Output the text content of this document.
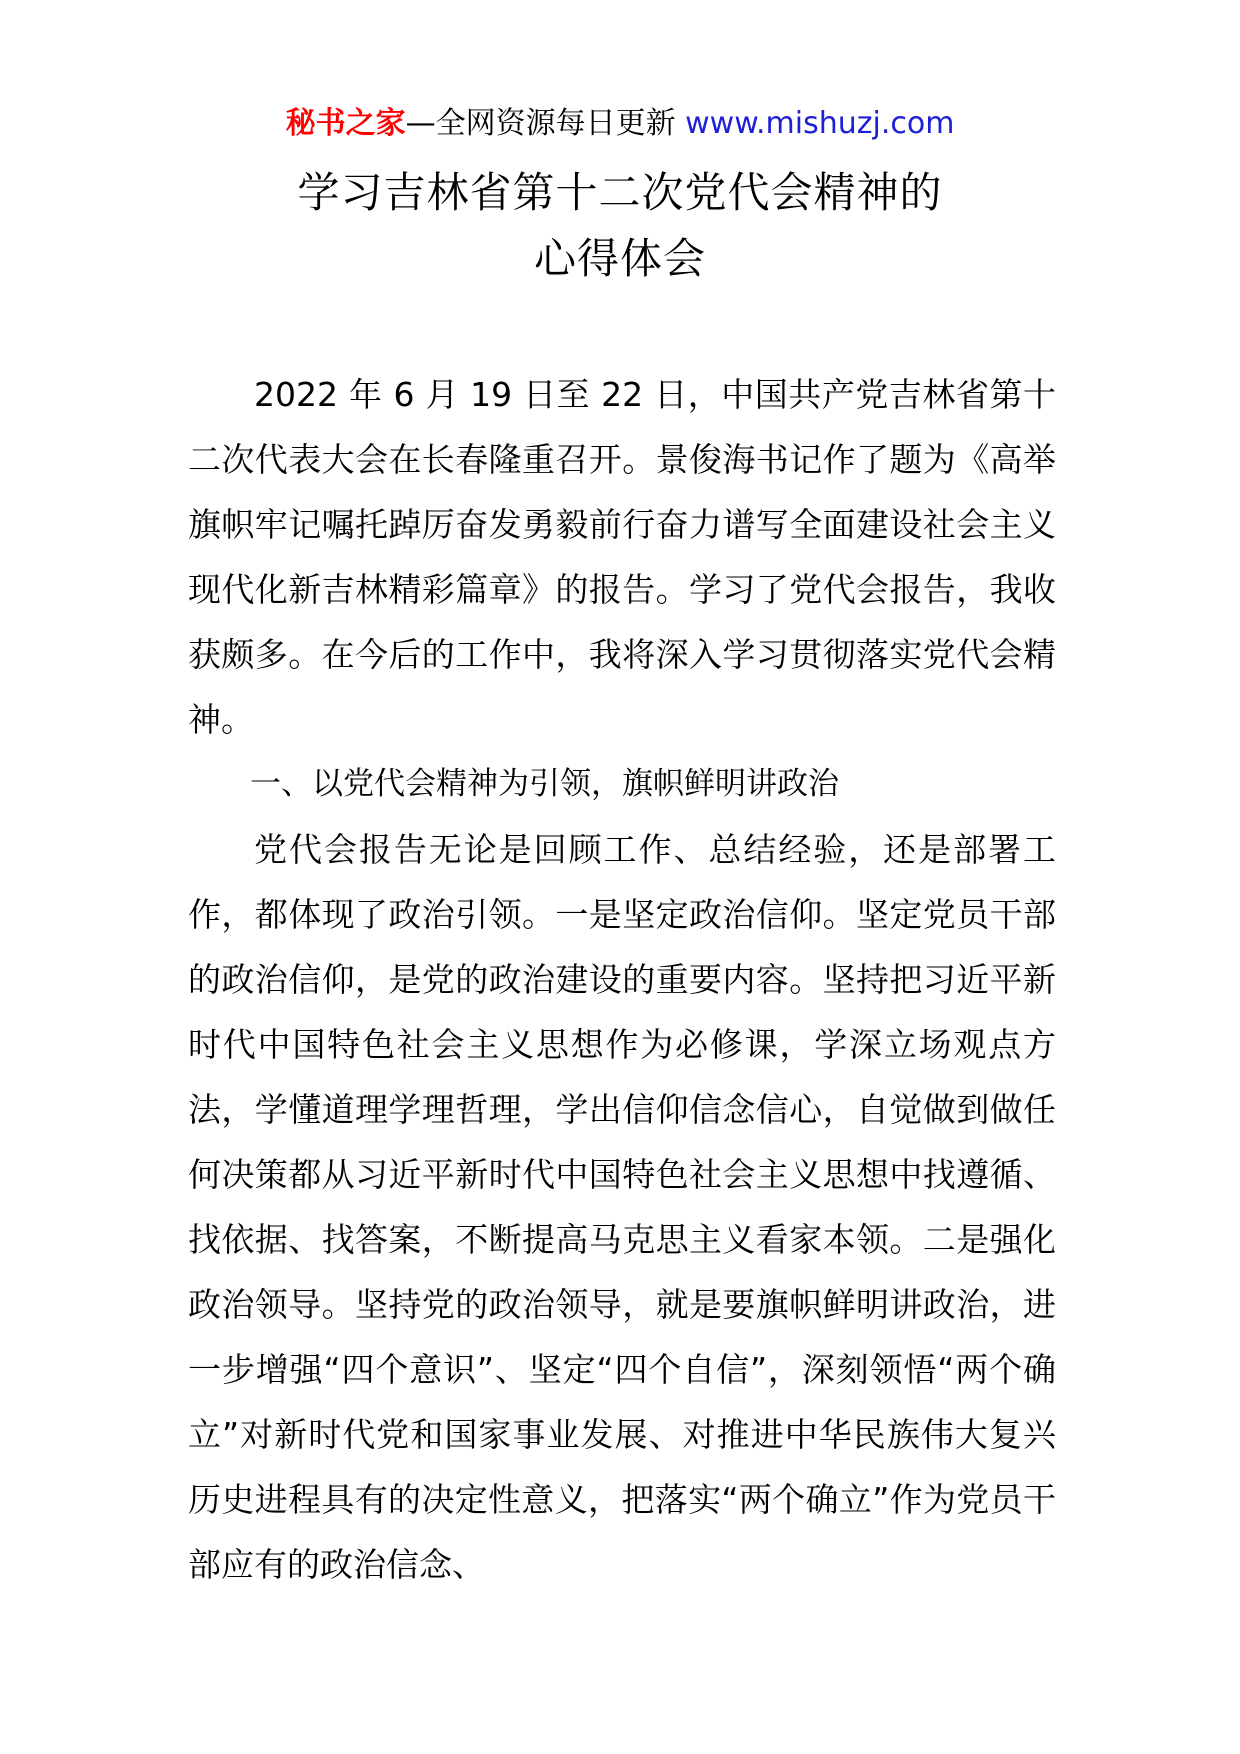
秘书之家—全网资源每日更新 www.mishuzj.com
学习吉林省第十二次党代会精神的
心得体会

2022 年 6 月 19 日至 22 日，中国共产党吉林省第十二次代表大会在长春隆重召开。景俊海书记作了题为《高举旗帜牢记嘱托踔厉奋发勇毅前行奋力谱写全面建设社会主义现代化新吉林精彩篇章》的报告。学习了党代会报告，我收获颇多。在今后的工作中，我将深入学习贯彻落实党代会精神。

一、以党代会精神为引领，旗帜鲜明讲政治

党代会报告无论是回顾工作、总结经验，还是部署工作，都体现了政治引领。一是坚定政治信仰。坚定党员干部的政治信仰，是党的政治建设的重要内容。坚持把习近平新时代中国特色社会主义思想作为必修课，学深立场观点方法，学懂道理学理哲理，学出信仰信念信心，自觉做到做任何决策都从习近平新时代中国特色社会主义思想中找遵循、找依据、找答案，不断提高马克思主义看家本领。二是强化政治领导。坚持党的政治领导，就是要旗帜鲜明讲政治，进一步增强“四个意识”、坚定“四个自信”，深刻领悟“两个确立”对新时代党和国家事业发展、对推进中华民族伟大复兴历史进程具有的决定性意义，把落实“两个确立”作为党员干部应有的政治信念、
